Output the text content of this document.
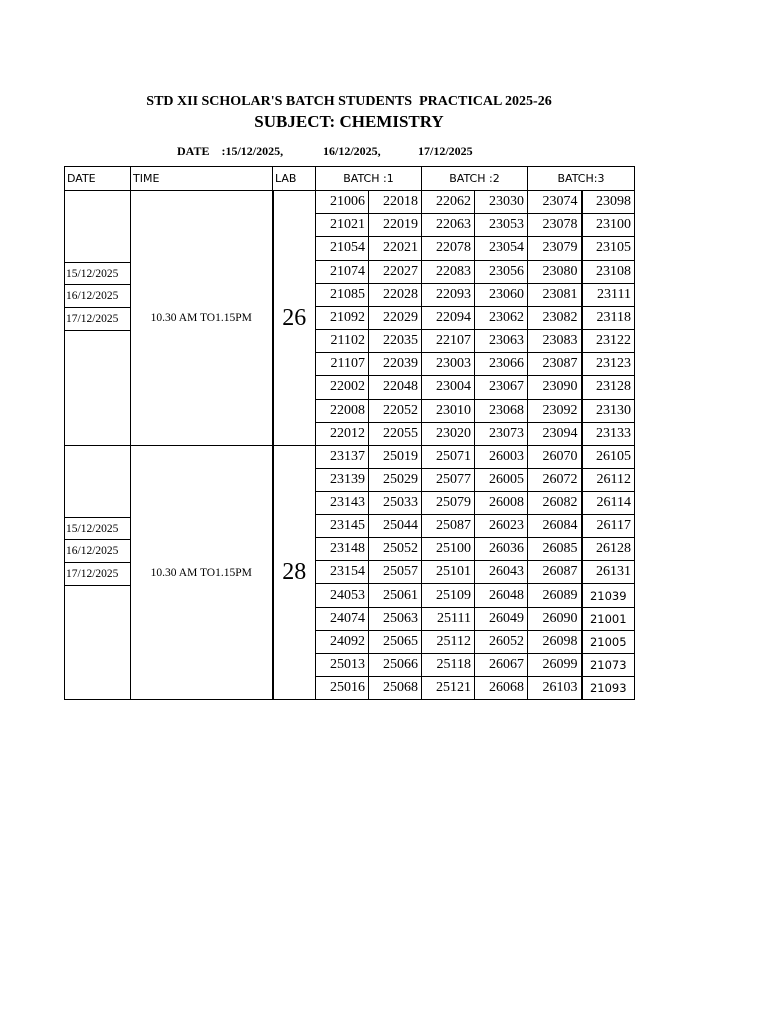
STD XII SCHOLAR'S BATCH STUDENTS  PRACTICAL 2025-26
SUBJECT: CHEMISTRY
DATE    :15/12/2025,	16/12/2025,	17/12/2025
DATE	TIME	LAB	BATCH :1		BATCH :2		BATCH:3	

15/12/2025
16/12/2025
17/12/2025	10.30 AM TO1.15PM	26	21006	22018	22062	23030	23074	23098
			21021	22019	22063	23053	23078	23100
			21054	22021	22078	23054	23079	23105
			21074	22027	22083	23056	23080	23108
			21085	22028	22093	23060	23081	23111
			21092	22029	22094	23062	23082	23118
			21102	22035	22107	23063	23083	23122
			21107	22039	23003	23066	23087	23123
			22002	22048	23004	23067	23090	23128
			22008	22052	23010	23068	23092	23130
			22012	22055	23020	23073	23094	23133

15/12/2025
16/12/2025
17/12/2025	10.30 AM TO1.15PM	28	23137	25019	25071	26003	26070	26105
			23139	25029	25077	26005	26072	26112
			23143	25033	25079	26008	26082	26114
			23145	25044	25087	26023	26084	26117
			23148	25052	25100	26036	26085	26128
			23154	25057	25101	26043	26087	26131
			24053	25061	25109	26048	26089	21039
			24074	25063	25111	26049	26090	21001
			24092	25065	25112	26052	26098	21005
			25013	25066	25118	26067	26099	21073
			25016	25068	25121	26068	26103	21093
